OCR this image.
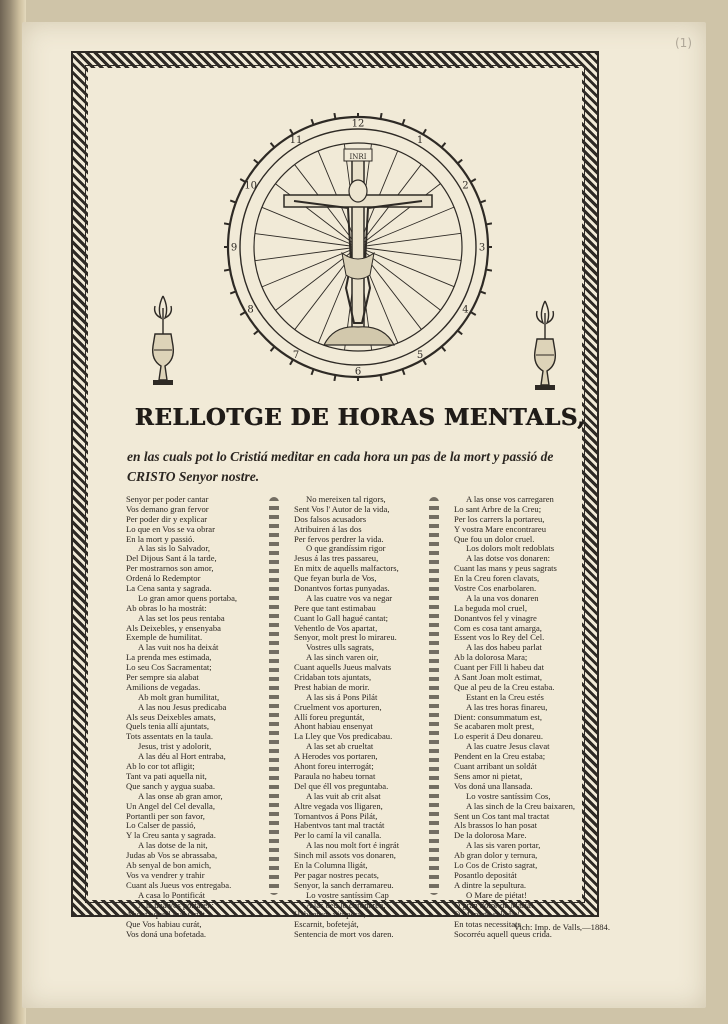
(1)
12
1
2
3
4
5
6
7
8
9
10
11
INRI
RELLOTGE DE HORAS MENTALS,
en las cuals pot lo Cristiá meditar en cada hora un pas de la mort y passió de CRISTO Senyor nostre.
Senyor per poder cantar
Vos demano gran fervor
Per poder dir y explicar
Lo que en Vos se va obrar
En la mort y passió.
A las sis lo Salvador,
Del Dijous Sant á la tarde,
Per mostrarnos son amor,
Ordená lo Redemptor
La Cena santa y sagrada.
Lo gran amor quens portaba,
Ab obras lo ha mostrát:
A las set los peus rentaba
Als Deixebles, y ensenyaba
Exemple de humilitat.
A las vuit nos ha deixát
La prenda mes estimada,
Lo seu Cos Sacramentat;
Per sempre sia alabat
Amilions de vegadas.
Ab molt gran humilitat,
A las nou Jesus predicaba
Als seus Deixebles amats,
Quels tenia allí ajuntats,
Tots assentats en la taula.
Jesus, trist y adolorit,
A las déu al Hort entraba,
Ab lo cor tot afligit;
Tant va pati aquella nit,
Que sanch y aygua suaba.
A las onse ab gran amor,
Un Angel del Cel devalla,
Portantli per son favor,
Lo Calser de passió,
Y la Creu santa y sagrada.
A las dotse de la nit,
Judas ab Vos se abrassaba,
Ab senyal de bon amich,
Vos va vendrer y trahir
Cuant als Jueus vos entregaba.
A casa lo Pontificát
A la una vos portaren;
Ahont aquell mal Criát
Que Vos habiau curát,
Vos doná una bofetada.
No mereixen tal rigors,
Sent Vos l' Autor de la vida,
Dos falsos acusadors
Atribuiren á las dos
Per fervos perdrer la vida.
O que grandíssim rigor
Jesus á las tres passareu,
En mitx de aquells malfactors,
Que feyan burla de Vos,
Donantvos fortas punyadas.
A las cuatre vos va negar
Pere que tant estimabau
Cuant lo Gall hagué cantat;
Vehentlo de Vos apartat,
Senyor, molt prest lo mirareu.
Vostres ulls sagrats,
A las sinch varen oir,
Cuant aquells Jueus malvats
Cridaban tots ajuntats,
Prest habian de morir.
A las sis á Pons Pilát
Cruelment vos aporturen,
Allí foreu preguntát,
Ahont habiau ensenyat
La Lley que Vos predicabau.
A las set ab crueltat
A Herodes vos portaren,
Ahont foreu interrogát;
Paraula no habeu tornat
Del que éll vos preguntaba.
A las vuit ab crit alsat
Altre vegada vos lligaren,
Tornantvos á Pons Pilát,
Habentvos tant mal tractát
Per lo camí la vil canalla.
A las nou molt fort é ingrát
Sinch mil assots vos donaren,
En la Columna lligát,
Per pagar nostres pecats,
Senyor, la sanch derramareu.
Lo vostre santíssim Cap
A las déu lo coronaren,
Habentvos vituperát,
Escarnit, bofeteját,
Sentencia de mort vos daren.
A las onse vos carregaren
Lo sant Arbre de la Creu;
Per los carrers la portareu,
Y vostra Mare encontrareu
Que fou un dolor cruel.
Los dolors molt redoblats
A las dotse vos donaren:
Cuant las mans y peus sagrats
En la Creu foren clavats,
Vostre Cos enarbolaren.
A la una vos donaren
La beguda mol cruel,
Donantvos fel y vinagre
Com es cosa tant amarga,
Essent vos lo Rey del Cel.
A las dos habeu parlat
Ab la dolorosa Mara;
Cuant per Fill li habeu dat
A Sant Joan molt estimat,
Que al peu de la Creu estaba.
Estant en la Creu estés
A las tres horas finareu,
Dient: consummatum est,
Se acabaren molt prest,
Lo esperit á Deu donareu.
A las cuatre Jesus clavat
Pendent en la Creu estaba;
Cuant arribant un soldát
Sens amor ni pietat,
Vos doná una llansada.
Lo vostre santíssim Cos,
A las sinch de la Creu baixaren,
Sent un Cos tant mal tractat
Als brassos lo han posat
De la dolorosa Mare.
A las sis varen portar,
Ab gran dolor y ternura,
Lo Cos de Cristo sagrat,
Posantlo depositát
A dintre la sepultura.
O Mare de piétat!
O gran dolor de Maria!
O Mare de soledat!
En totas necessitats
Socorréu aquell queus crida.
Vich: Imp. de Valls,—1884.
